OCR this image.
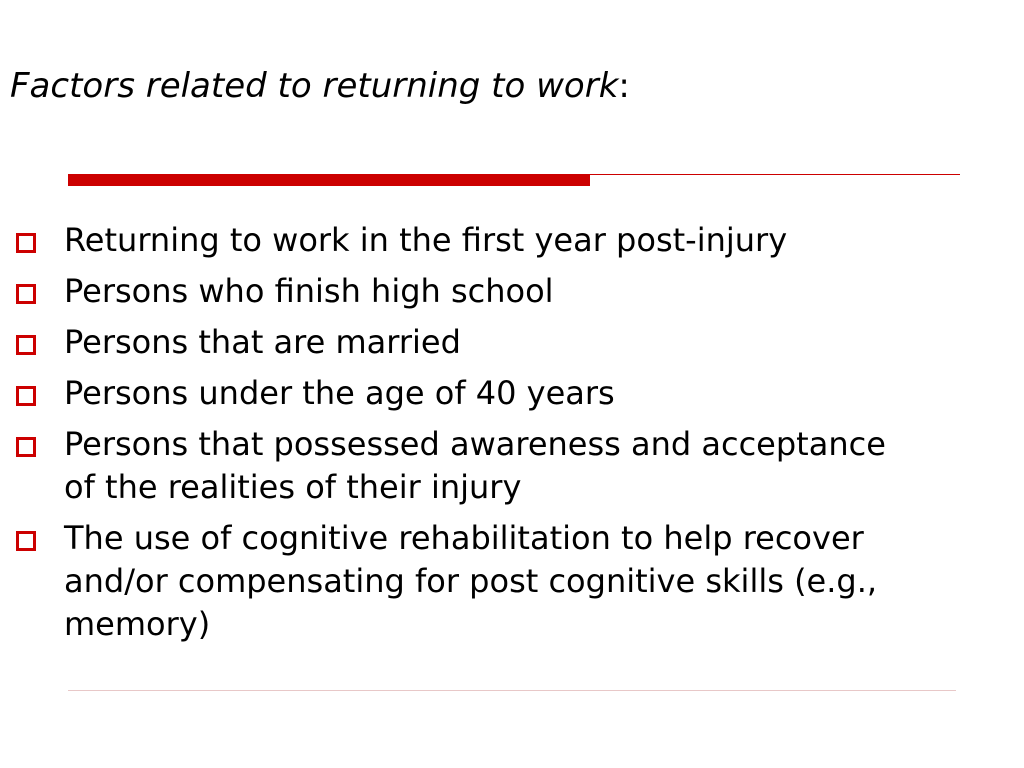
Factors related to returning to work:
Returning to work in the first year post-injury
Persons who finish high school
Persons that are married
Persons under the age of 40 years
Persons that possessed awareness and acceptance of the realities of their injury
The use of cognitive rehabilitation to help recover and/or compensating for post cognitive skills (e.g., memory)
